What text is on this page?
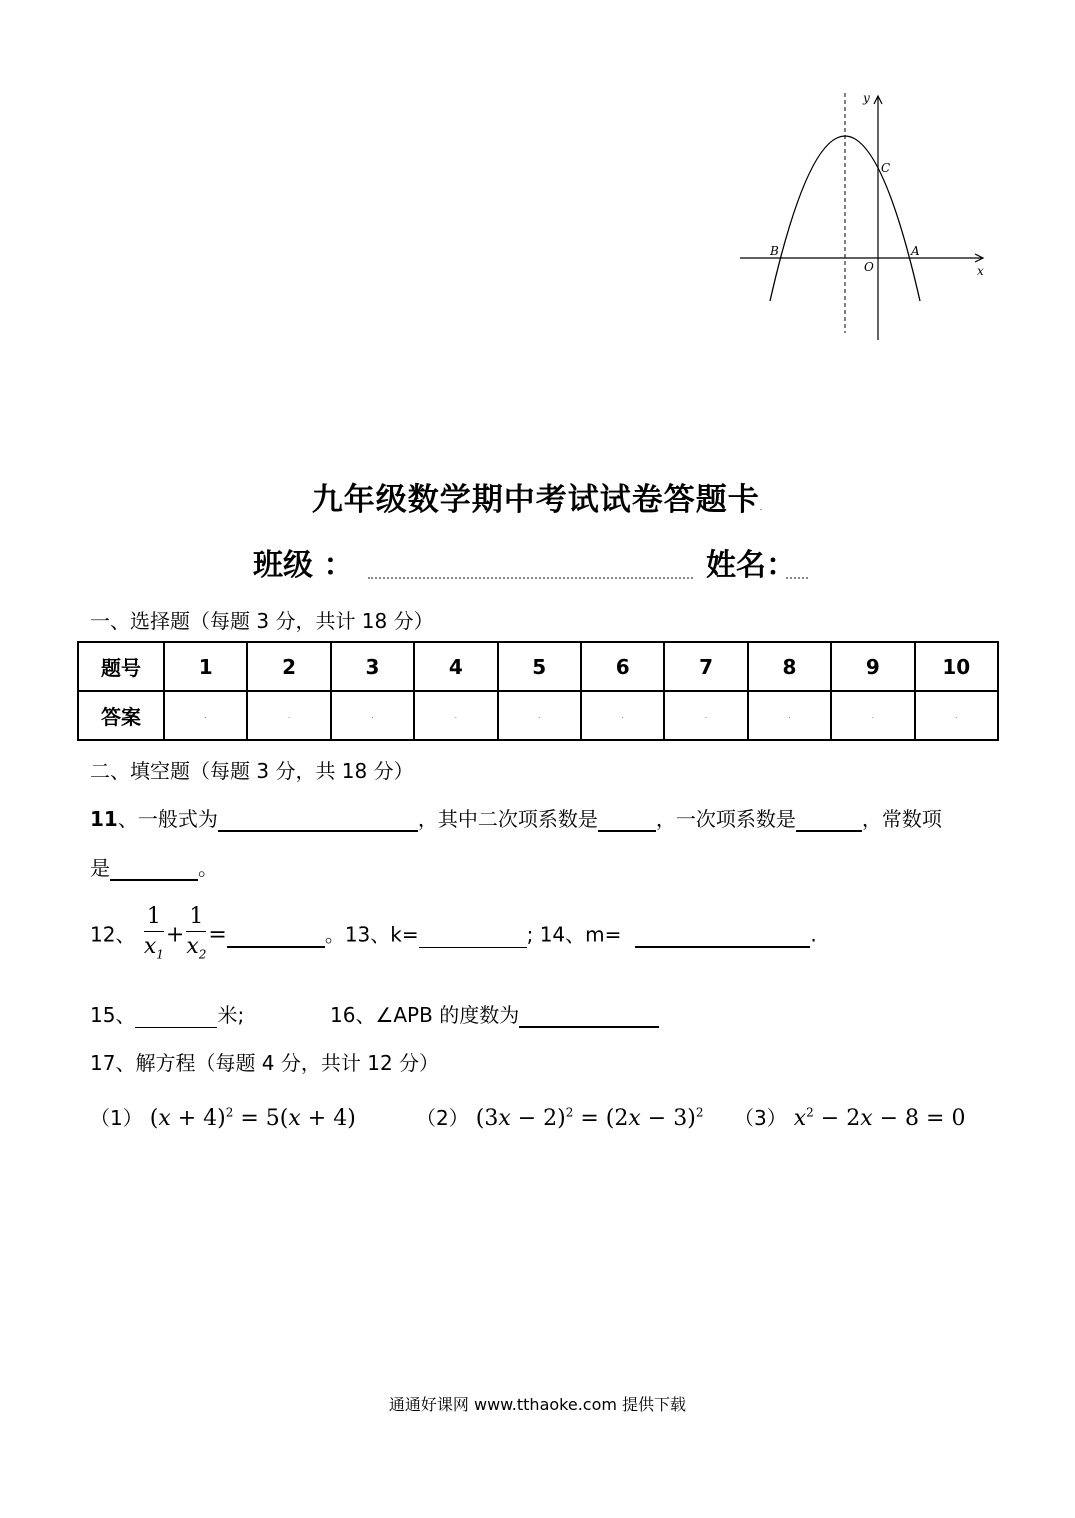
y
x
O
A
B
C
九年级数学期中考试试卷答题卡.
班级 ：	姓名：
一、选择题（每题 3 分，共计 18 分）
题号	1	2	3	4	5	6	7	8	9	10
答案	.	.	.	.	.	.	.	.	.	.
二、填空题（每题 3 分，共 18 分）
11、一般式为	，其中二次项系数是	，一次项系数是	，常数项
是	。
12、 $\frac{1}{x_1} + \frac{1}{x_2}$ =	。13、k=	; 14、m=	.
15、	米;	16、∠APB 的度数为
17、解方程（每题 4 分，共计 12 分）
（1） $(x + 4)^2 = 5(x + 4)$	（2） $(3x - 2)^2 = (2x - 3)^2$ （3） $x^2 - 2x - 8 = 0$
通通好课网 www.tthaoke.com 提供下载
